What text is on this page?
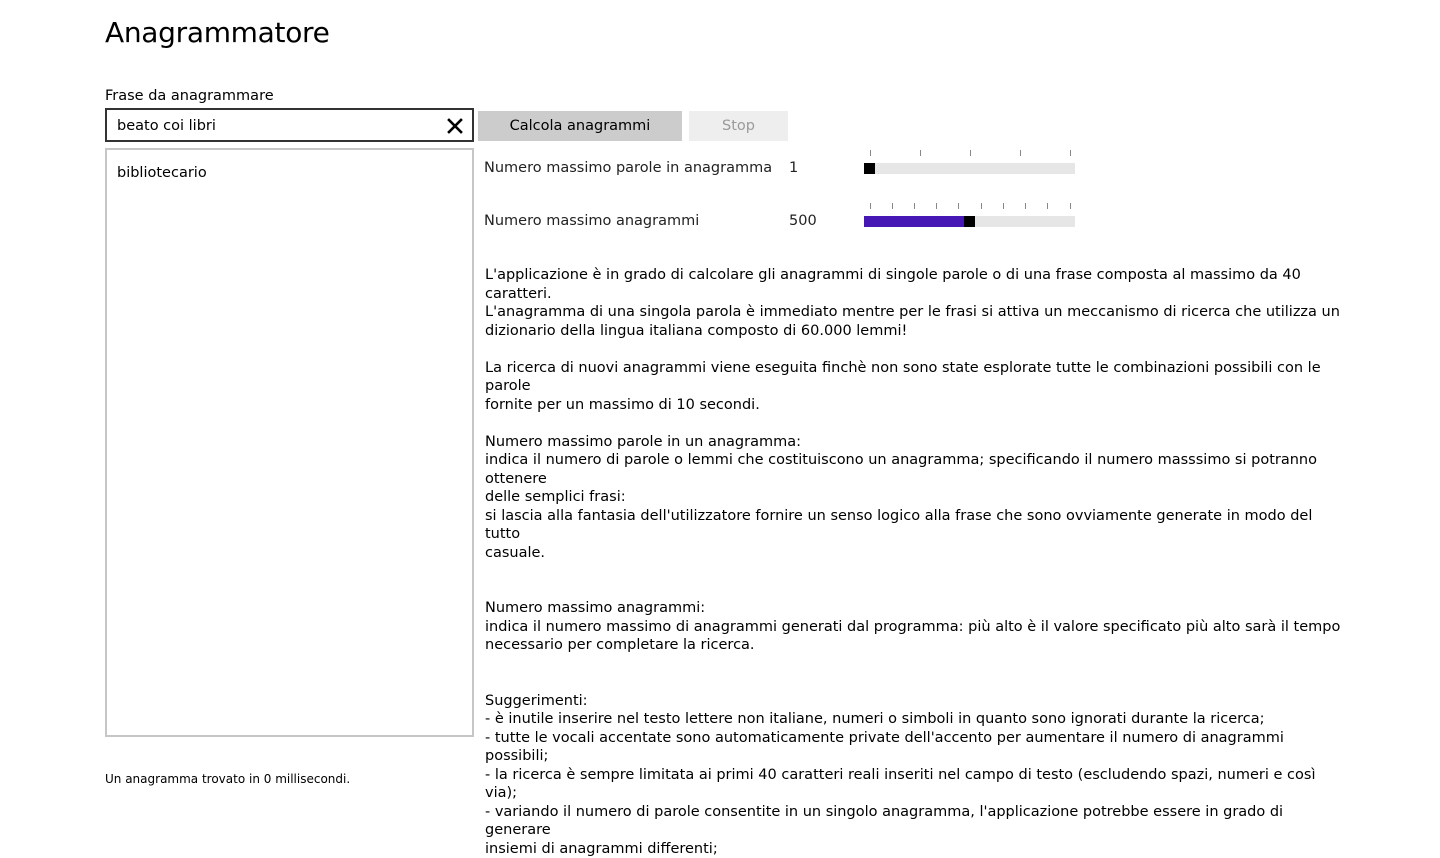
Anagrammatore
Frase da anagrammare
beato coi libri
Calcola anagrammi	Stop
bibliotecario	Numero massimo parole in anagramma 1
Numero massimo anagrammi	500

L'applicazione è in grado di calcolare gli anagrammi di singole parole o di una frase composta al massimo da 40 caratteri.
L'anagramma di una singola parola è immediato mentre per le frasi si attiva un meccanismo di ricerca che utilizza un
dizionario della lingua italiana composto di 60.000 lemmi!

La ricerca di nuovi anagrammi viene eseguita finchè non sono state esplorate tutte le combinazioni possibili con le parole
fornite per un massimo di 10 secondi.

Numero massimo parole in un anagramma:
indica il numero di parole o lemmi che costituiscono un anagramma; specificando il numero masssimo si potranno ottenere
delle semplici frasi:
si lascia alla fantasia dell'utilizzatore fornire un senso logico alla frase che sono ovviamente generate in modo del tutto
casuale.

Numero massimo anagrammi:
indica il numero massimo di anagrammi generati dal programma: più alto è il valore specificato più alto sarà il tempo
necessario per completare la ricerca.

Suggerimenti:
- è inutile inserire nel testo lettere non italiane, numeri o simboli in quanto sono ignorati durante la ricerca;
- tutte le vocali accentate sono automaticamente private dell'accento per aumentare il numero di anagrammi possibili;
- la ricerca è sempre limitata ai primi 40 caratteri reali inseriti nel campo di testo (escludendo spazi, numeri e così via);
- variando il numero di parole consentite in un singolo anagramma, l'applicazione potrebbe essere in grado di generare
insiemi di anagrammi differenti;

Un anagramma trovato in 0 millisecondi.
